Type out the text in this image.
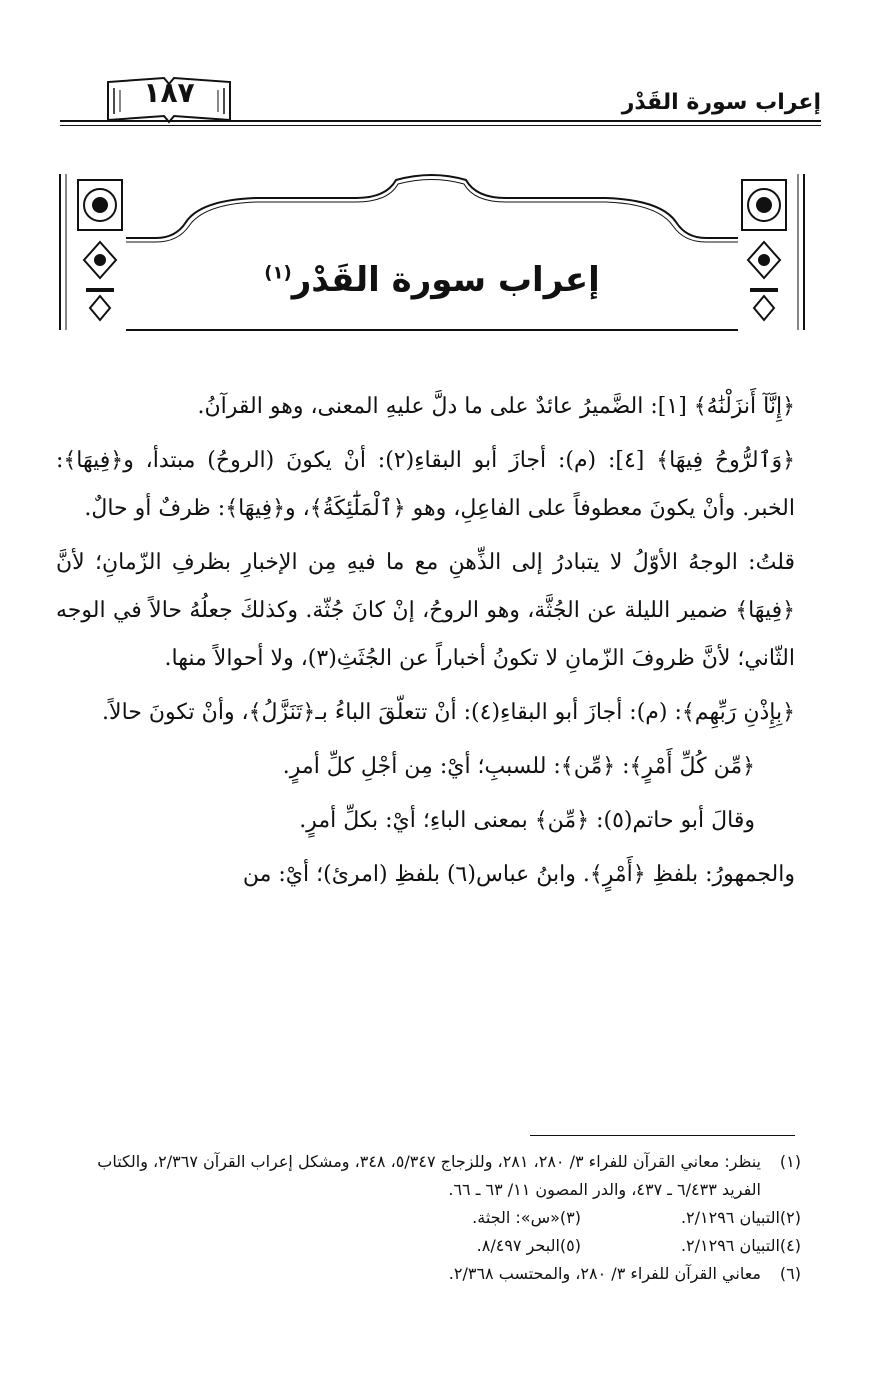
إعراب سورة القَدْر
١٨٧
إعراب سورة القَدْر$^{(١)}$

﴿إِنَّآ أَنزَلْنَٰهُ﴾ [١]: الضَّميرُ عائدٌ على ما دلَّ عليهِ المعنى، وهو القرآنُ.

﴿وَٱلرُّوحُ فِيهَا﴾ [٤]: (م): أجازَ أبو البقاءِ(٢): أنْ يكونَ (الروحُ) مبتدأ، و﴿فِيهَا﴾: الخبر. وأنْ يكونَ معطوفاً على الفاعِلِ، وهو ﴿ٱلْمَلَٰٓئِكَةُ﴾، و﴿فِيهَا﴾: ظرفٌ أو حالٌ.

قلتُ: الوجهُ الأوّلُ لا يتبادرُ إلى الذِّهنِ مع ما فيهِ مِن الإخبارِ بظرفِ الزّمانِ؛ لأنَّ ﴿فِيهَا﴾ ضمير الليلة عن الجُثَّة، وهو الروحُ، إنْ كانَ جُثّة. وكذلكَ جعلُهُ حالاً في الوجه الثّاني؛ لأنَّ ظروفَ الزّمانِ لا تكونُ أخباراً عن الجُثَثِ(٣)، ولا أحوالاً منها.

﴿بِإِذْنِ رَبِّهِم﴾: (م): أجازَ أبو البقاءِ(٤): أنْ تتعلّقَ الباءُ بـ﴿تَنَزَّلُ﴾، وأنْ تكونَ حالاً.

﴿مِّن كُلِّ أَمْرٍ﴾: ﴿مِّن﴾: للسببِ؛ أيْ: مِن أجْلِ كلِّ أمرٍ.

وقالَ أبو حاتم(٥): ﴿مِّن﴾ بمعنى الباءِ؛ أيْ: بكلِّ أمرٍ.

والجمهورُ: بلفظِ ﴿أَمْرٍ﴾. وابنُ عباس(٦) بلفظِ (امرئ)؛ أيْ: من

(١)
ينظر: معاني القرآن للفراء ٣/ ٢٨٠، ٢٨١، وللزجاج ٥/٣٤٧، ٣٤٨، ومشكل إعراب القرآن ٢/٣٦٧، والكتاب الفريد ٦/٤٣٣ ـ ٤٣٧، والدر المصون ١١/ ٦٣ ـ ٦٦.
(٢)
التبيان ٢/١٢٩٦.
(٣)
«س»: الجثة.
(٤)
التبيان ٢/١٢٩٦.
(٥)
البحر ٨/٤٩٧.
(٦)
معاني القرآن للفراء ٣/ ٢٨٠، والمحتسب ٢/٣٦٨.
